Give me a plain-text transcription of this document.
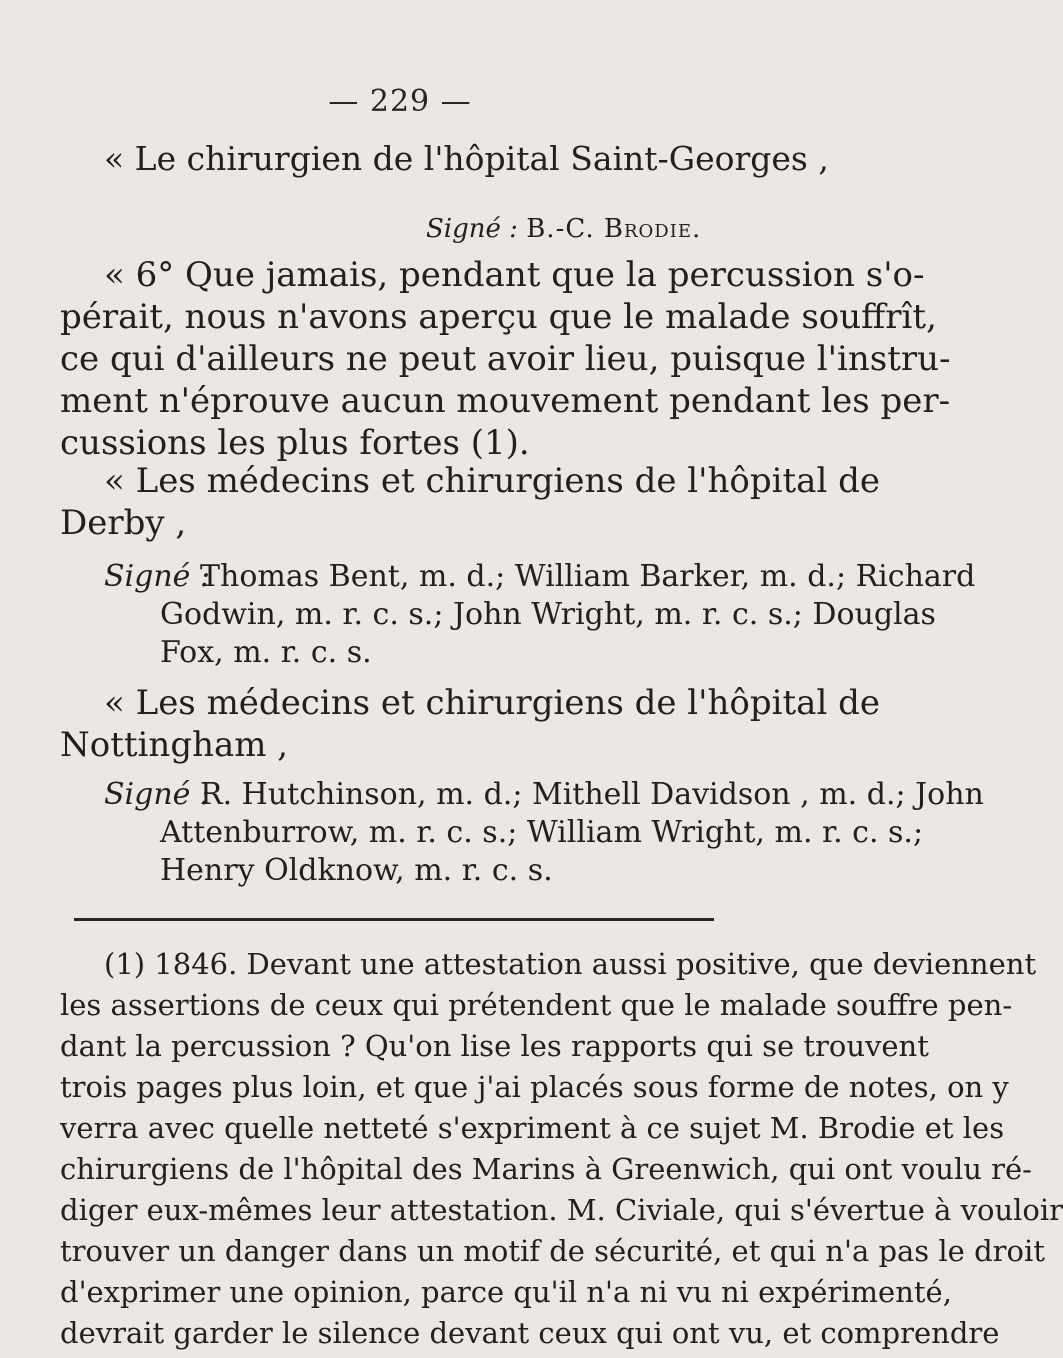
— 229 —
« Le chirurgien de l'hôpital Saint-Georges ,
Signé : B.-C. Brodie.
« 6° Que jamais, pendant que la percussion s'o-
pérait, nous n'avons aperçu que le malade souffrît,
ce qui d'ailleurs ne peut avoir lieu, puisque l'instru-
ment n'éprouve aucun mouvement pendant les per-
cussions les plus fortes (1).
« Les médecins et chirurgiens de l'hôpital de
Derby ,
Signé :
Thomas Bent, m. d.; William Barker, m. d.; Richard
Godwin, m. r. c. s.; John Wright, m. r. c. s.; Douglas
Fox, m. r. c. s.
« Les médecins et chirurgiens de l'hôpital de
Nottingham ,
Signé :
R. Hutchinson, m. d.; Mithell Davidson , m. d.; John
Attenburrow, m. r. c. s.; William Wright, m. r. c. s.;
Henry Oldknow, m. r. c. s.
(1) 1846. Devant une attestation aussi positive, que deviennent
les assertions de ceux qui prétendent que le malade souffre pen-
dant la percussion ? Qu'on lise les rapports qui se trouvent
trois pages plus loin, et que j'ai placés sous forme de notes, on y
verra avec quelle netteté s'expriment à ce sujet M. Brodie et les
chirurgiens de l'hôpital des Marins à Greenwich, qui ont voulu ré-
diger eux-mêmes leur attestation. M. Civiale, qui s'évertue à vouloir
trouver un danger dans un motif de sécurité, et qui n'a pas le droit
d'exprimer une opinion, parce qu'il n'a ni vu ni expérimenté,
devrait garder le silence devant ceux qui ont vu, et comprendre
